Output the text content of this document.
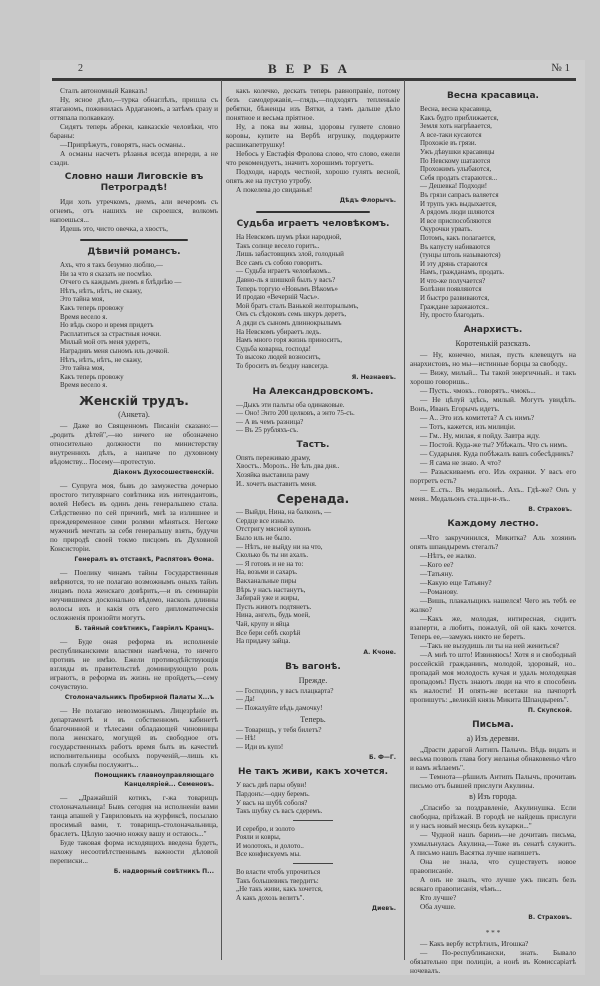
2	ВЕРБА	№ 1
Сталъ автономный Кавказъ!
Ну, ясное дѣло,—турка обнаглѣлъ, пришла съ ятаганомъ, пожинилась Ардаганомъ, а затѣмъ сразу и оттяпала полкавказу.
Сидятъ теперь абреки, кавказскіе человѣки, что бараны:
—Припрѣжутъ, говорятъ, насъ османы..
А османы насчетъ рѣзанья всегда впереди, а не сзади.
Словно наши Лиговскіе въ Петроградѣ!
Иди хоть утречкомъ, днемъ, али вечеромъ съ огнемъ, отъ нашихъ не скроешся, волкомъ напоешься...
Идешь это, чисто овечка, а хвостъ,
Дѣвичій романсъ.
Ахъ, что я такъ безумно люблю,—
Ни за что я сказать не посмѣю.
Отчего съ каждымъ днемъ я блѣднѣю —
Нѣтъ, нѣтъ, нѣтъ, не скажу,
Это тайна моя,
Какъ теперь провожу
Время весело я.
Но вѣдь скоро и время придетъ
Расплатиться за страстныя ночки.
Милый мой отъ меня удеретъ,
Наградивъ меня сыномъ иль дочкой.
Нѣтъ, нѣтъ, нѣтъ, не скажу,
Это тайна моя,
Какъ теперь провожу
Время весело я.
Женскій трудъ.
(Анкета).
— Даже во Священномъ Писаніи сказано:—„родить дѣтей",—но ничего не обозначено относительно должности по министерству внутреннихъ дѣлъ, а наипаче по духовному вѣдомству... Посему—протестую.
Діаконъ Духосошественскій.
— Супруга моя, бывъ до замужества дочерью простого титулярнаго совѣтника изъ интендантовъ, волей Небесъ въ одинъ день генеральшею стала. Слѣдственно по сей причинѣ, мнѣ за излишнее и преждевременное сими ролями мѣняться. Негоже мужчинѣ мечтать за себя генеральшу взять, будучи по природѣ своей токмо писцомъ въ Духовной Консисторіи.
Генералъ въ отставкѣ, Распятовъ Ѳома.
— Поелику чинамъ тайны Государственныя ввѣряются, то не полагаю возможнымъ оныхъ тайнъ лицамъ пола женскаго довѣрить,—и въ семинаріи неучившимся досконально вѣдомо, насколь длинны волосы ихъ и какія отъ сего дипломатическія осложненія произойти могутъ.
Б. тайный совѣтникъ, Гавріилъ Кранцъ.
— Буде оная реформа въ исполненіе республиканскими властями намѣчена, то ничего противъ не имѣю. Ежели противодѣйствующія взгляды въ правительствѣ доминирующую роль играютъ, в реформа въ жизнь не пройдетъ,—сему сочувствую.
Столоначальникъ Пробирной Палаты Х...ъ
— Не полагаю невозможнымъ. Лицезрѣніе въ департаментѣ и въ собственномъ кабинетѣ благочинной и тѣлесами обладающей чиновницы пола женскаго, могущей въ свободное отъ государственныхъ работъ время быть въ качествѣ исполнительницы особыхъ порученій,—лишь къ пользѣ службы послужитъ...
Помощникъ главноуправляющаго Канцеляріей... Семеновъ.
— „Дражайшій котикъ, г-жа товарищъ столоначальница! Бывъ сегодня на исполненіи вами танца апашей у Гавриловыхъ на журфиксѣ, посылаю просимый вами, т. товарищъ-столоначальница, браслетъ. Цѣлую заочно ножку вашу и остаюсь..."
Буде таковая форма исходящихъ введена будетъ, нахожу несоотвѣтственнымъ важности дѣловой переписки...
Б. надворный совѣтникъ П...
какъ колечко, дескать теперь равноправіе, потому безъ самодержавія,—глядь,—подходятъ тепленькіе ребятки, бѣженцы изъ Вятки, а тамъ дальше дѣло понятное и весьма пріятное.
Ну, а пока вы живы, здоровы гуляете словно коровы, купите на Вербѣ игрушку, поддержите расшикапетрушку!
Небось у Евстафія Фролова слово, что слово, ежели что рекомендуетъ, значитъ хорошимъ торгуетъ.
Подходи, народъ честной, хорошо гулять весной, опять же на пустую утробу.
А покелева до свиданья!
Дѣдъ Флорычъ.
Судьба играетъ человѣкомъ.
На Невскомъ шумъ рѣки народной,
Такъ солнце весело горитъ..
Лишь забастовщикъ злой, голодный
Все самъ съ собою говоритъ.
— Судьба играетъ человѣкомъ..
Давно-ль я шишкой былъ у васъ?
Теперь торгую «Новымъ Вѣкомъ»
И продаю «Вечерній Часъ».
Мой братъ сталъ Ванькой желторылымъ,
Онъ съ сѣдоковъ семь шкуръ деретъ,
А дяди съ сыномъ длиннокрылымъ
На Невскомъ убираетъ ледъ.
Намъ много горя жизнь приноситъ,
Судьба коварна, господа!
То высоко людей возноситъ,
То броситъ въ бездну навсегда.
Я. Незнаевъ.
На Александровскомъ.
—Дыкъ эти пальты оба одинаковые.
— Оно! Энто 200 целковъ, а энто 75-съ.
— А въ чемъ разница?
— Въ 25 рубляхъ-съ.
Тастъ.
Опять переживаю драму,
Хвостъ.. Морозъ.. Не ѣлъ два дня..
Хозяйка выставила раму
И.. хочетъ выставить меня.
Серенада.
— Выйди, Нина, на балконъ, —
Сердце все изныло.
Отстригу мясной купонъ
Было иль не было.
— Нѣтъ, не выйду ни на что,
Сколько бъ ты ни ахалъ.
— Я готовъ и не на то:
На, возьми и сахаръ.
Вакханальные пиры
Вѣрь у насъ настанутъ,
Забирай уже и жиры,
Пусть животъ подтянетъ.
Нина, ангелъ, будь моей,
Чай, крупу и яйца
Все бери себѣ скорѣй
На придачу зайца.
А. Кчоне.
Въ вагонѣ.
Прежде.
— Господинъ, у васъ плацкарта?
— Да!
— Пожалуйте вѣдь дамочку!
Теперь.
— Товарищъ, у тебя билетъ?
— Нѣ!
— Иди въ купэ!
Б. Ф—Г.
Не такъ живи, какъ хочется.
У васъ двѣ пары обуви!
Пардонъ:—одну беремъ.
У васъ на шубѣ соболя?
Такъ шубку съ васъ сдеремъ.
И серебро, и золото
Рояли и ковры,
И молотокъ, и долото..
Все конфискуемъ мы.
Во власти чтобъ упрочиться
Такъ большевикъ твердитъ:
„Не такъ живи, какъ хочется,
А какъ дохозь велитъ".
Диевъ.
Весна красавица.
Весна, весна красавица,
Какъ будто приближается,
Земля хоть нагрѣвается,
А все-таки кусаются
Прохожіе въ грязи.
Ужъ дѣвушки красавицы
По Невскому шатаются
Прохожимъ улыбаются,
Себя продать стараются...
— Дешевка! Подходи!
Въ грязи сапрасъ валяется
И трупъ ужъ выдыхается,
А рядомъ люди шляются
И все приспособляются
Окурочки урвать.
Потомъ, какъ полагается,
Въ капусту набиваются
(тунцы штоль называются)
И эту дрянь стараются
Намъ, гражданамъ, продать.
И что-же получается?
Болѣзни появляются
И быстро развиваются,
Граждане заражаются..
Ну, просто благодать.
Анархистъ.
Коротенькій разсказъ.
— Ну, конечно, милая, пусть клевещутъ на анархистовъ, но мы—истинные борцы за свободу..
— Вижу, милый... Ты такой энергичный.. и такъ хорошо говоришь..
— Пусть.. чмокъ.. говорятъ.. чмокъ...
— Не цѣлуй здѣсь, милый. Могутъ увидѣть. Вонъ, Иванъ Егорычъ идетъ.
— А.. Это изъ комитета? А съ нимъ?
— Тотъ, кажется, изъ милиціи.
— Гм.. Ну, милая, я пойду. Завтра жду.
— Постой. Куда-же ты? Убѣжалъ. Что съ нимъ.
— Сударыня. Куда побѣжалъ вашъ собесѣдникъ?
— Я сама не знаю. А что?
— Разыскиваемъ его. Изъ охранки. У васъ его портретъ есть?
— Е..сть.. Въ медальонѣ.. Ахъ.. Гдѣ-же? Онъ у меня.. Медальонъ ста..щи-и-лъ..
В. Страховъ.
Каждому лестно.
—Что закручинился, Микитка? Аль хозяинъ опять шпандыремъ стегалъ?
—Нѣтъ, ее жалко.
—Кого ее?
—Татьяну.
—Какую еще Татьяну?
—Романову.
—Вишь, плакальщикъ нашелся! Чего жъ тебѣ ее жалко?
—Какъ же, молодая, интиресная, сидитъ взаперти, а любить, пожалуй, ой ой какъ хочется. Теперь ее,—замужъ никто не беретъ.
—Такъ не вызудишь ли ты на ней жениться?
—А мнѣ то што! Извиняюсь! Хотя я и свободный россейскій гражданинъ, молодой, здоровый, но.. пропадай моя молодость кучая и удаль молодецкая пропадомъ! Пусть знаютъ люди на что я способенъ къ жалости! И опять-же всетаки на пачпортѣ пропишутъ: „великій князь Микита Шпандыревъ".
П. Скупской.
Письма.
а) Изъ деревни.
„Драсти дарагой Антипъ Палычъ. Вѣдь видать и весьма позволь глава богу желанья обнаковеньо чѣго и вамъ жѣлаемъ".
— Темнота—рѣшилъ Антипъ Палычъ, прочитавъ письмо отъ бывшей прислуги Акулины.
в) Изъ города.
„Спасибо за поздравленіе, Акулинушка. Если свободна, пріѣзжай. В городѣ не найдешь прислуги и у насъ новый месяцъ безъ кухарки..."
— Чудной нашъ баринъ—не дочитавъ письма, ухмыльнулась Акулина,—Тоже въ сенатѣ служитъ. А письмо нашъ Васятка лучше напишетъ.
Она не знала, что существуетъ новое правописаніе.
А онъ не зналъ, что лучше ужъ писать безъ всякаго правописанія, чѣмъ...
Кто лучше?
Оба лучше.
В. Страховъ.
* * *
— Какъ вербу встрѣтилъ, Игошка?
— По-республикански, знать. Бывало обязательно при полиціи, а нонѣ въ Комиссаріатѣ ночевалъ.
